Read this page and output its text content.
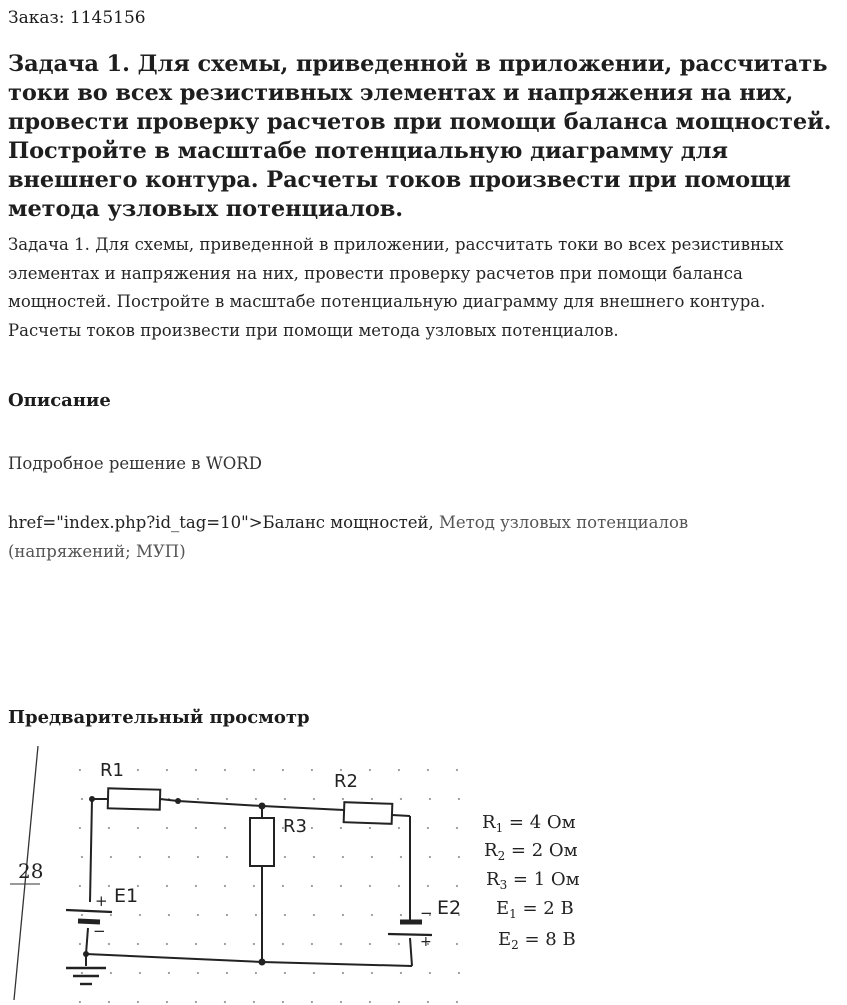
Заказ: 1145156
Задача 1. Для схемы, приведенной в приложении, рассчитать токи во всех резистивных элементах и напряжения на них, провести проверку расчетов при помощи баланса мощностей. Постройте в масштабе потенциальную диаграмму для внешнего контура. Расчеты токов произвести при помощи метода узловых потенциалов.
Задача 1. Для схемы, приведенной в приложении, рассчитать токи во всех резистивных элементах и напряжения на них, провести проверку расчетов при помощи баланса мощностей. Постройте в масштабе потенциальную диаграмму для внешнего контура. Расчеты токов произвести при помощи метода узловых потенциалов.
Описание
Подробное решение в WORD
href="index.php?id_tag=10">Баланс мощностей, Метод узловых потенциалов (напряжений; МУП)
Предварительный просмотр
28
R1
R2
R3
E1
E2
+
−
−
+
$R_1 = 4$ Ом
$R_2 = 2$ Ом
$R_3 = 1$ Ом
$E_1 = 2$ В
$E_2 = 8$ В
